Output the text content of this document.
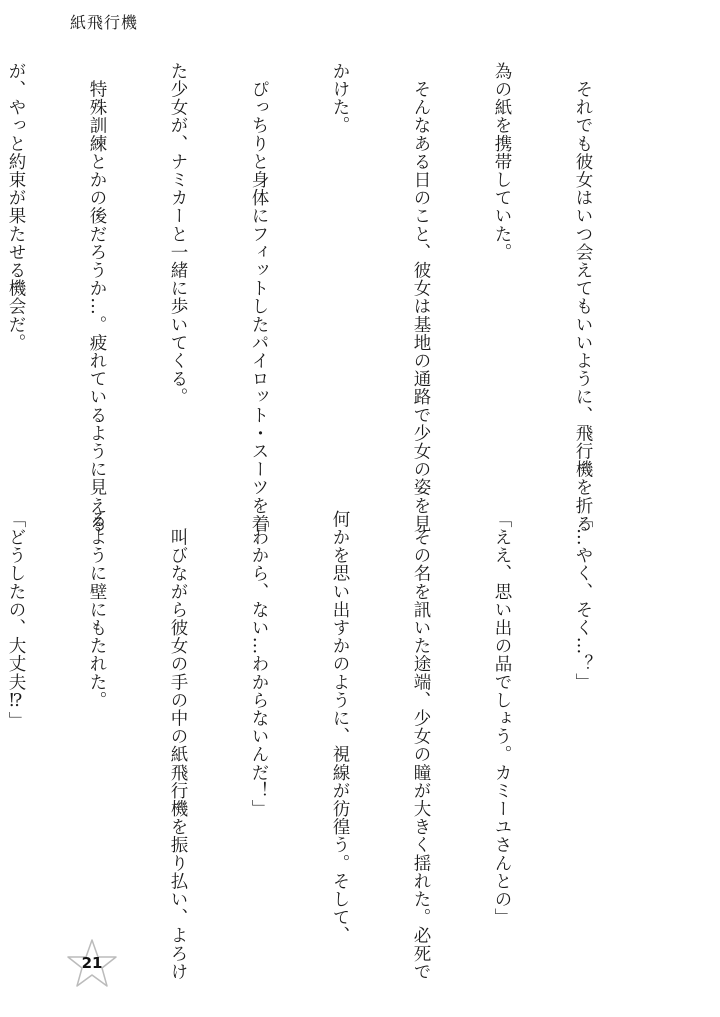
紙飛行機

　それでも彼女はいつ会えてもいいように、飛行機を折る

為の紙を携帯していた。

　そんなある日のこと、彼女は基地の通路で少女の姿を見

かけた。

　ぴっちりと身体にフィットしたパイロット・スーツを着

た少女が、ナミカーと一緒に歩いてくる。

　特殊訓練とかの後だろうか…。疲れているように見える

が、やっと約束が果たせる機会だ。

「…やく、そく…？」

「ええ、思い出の品でしょう。カミーユさんとの」

　その名を訊いた途端、少女の瞳が大きく揺れた。必死で

何かを思い出すかのように、視線が彷徨う。そして、

「わから、ない…わからないんだ！」

　叫びながら彼女の手の中の紙飛行機を振り払い、よろけ

るように壁にもたれた。

「どうしたの、大丈夫⁉」

21
